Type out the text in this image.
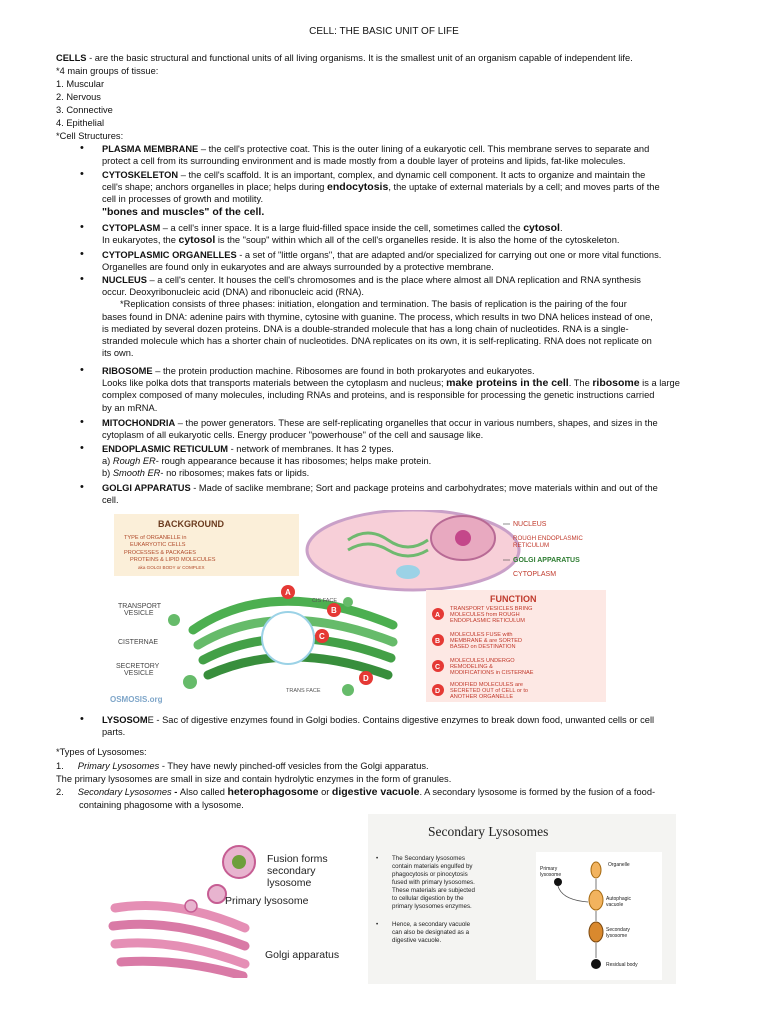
CELL: THE BASIC UNIT OF LIFE
CELLS - are the basic structural and functional units of all living organisms. It is the smallest unit of an organism capable of independent life.
*4 main groups of tissue:
1. Muscular
2. Nervous
3. Connective
4. Epithelial
*Cell Structures:
•	PLASMA MEMBRANE – the cell's protective coat. This is the outer lining of a eukaryotic cell. This membrane serves to separate and
protect a cell from its surrounding environment and is made mostly from a double layer of proteins and lipids, fat-like molecules.
•	CYTOSKELETON – the cell's scaffold. It is an important, complex, and dynamic cell component. It acts to organize and maintain the
cell's shape; anchors organelles in place; helps during endocytosis, the uptake of external materials by a cell; and moves parts of the
cell in processes of growth and motility.
"bones and muscles" of the cell.
•	CYTOPLASM – a cell's inner space. It is a large fluid-filled space inside the cell, sometimes called the cytosol.
In eukaryotes, the cytosol is the "soup" within which all of the cell's organelles reside. It is also the home of the cytoskeleton.
•	CYTOPLASMIC ORGANELLES - a set of "little organs", that are adapted and/or specialized for carrying out one or more vital functions.
Organelles are found only in eukaryotes and are always surrounded by a protective membrane.
•	NUCLEUS – a cell's center. It houses the cell's chromosomes and is the place where almost all DNA replication and RNA synthesis
occur. Deoxyribonucleic acid (DNA) and ribonucleic acid (RNA).
*Replication consists of three phases: initiation, elongation and termination. The basis of replication is the pairing of the four
bases found in DNA: adenine pairs with thymine, cytosine with guanine. The process, which results in two DNA helices instead of one,
is mediated by several dozen proteins. DNA is a double-stranded molecule that has a long chain of nucleotides. RNA is a single-
stranded molecule which has a shorter chain of nucleotides. DNA replicates on its own, it is self-replicating. RNA does not replicate on
its own.
•	RIBOSOME – the protein production machine. Ribosomes are found in both prokaryotes and eukaryotes.
Looks like polka dots that transports materials between the cytoplasm and nucleus; make proteins in the cell. The ribosome is a large
complex composed of many molecules, including RNAs and proteins, and is responsible for processing the genetic instructions carried
by an mRNA.
•	MITOCHONDRIA – the power generators. These are self-replicating organelles that occur in various numbers, shapes, and sizes in the
cytoplasm of all eukaryotic cells. Energy producer "powerhouse" of the cell and sausage like.
•	ENDOPLASMIC RETICULUM - network of membranes. It has 2 types.
a) Rough ER- rough appearance because it has ribosomes; helps make protein.
b) Smooth ER- no ribosomes; makes fats or lipids.
•	GOLGI APPARATUS - Made of saclike membrane; Sort and package proteins and carbohydrates; move materials within and out of the
cell.
BACKGROUND
TYPE of ORGANELLE in
EUKARYOTIC CELLS
PROCESSES & PACKAGES
PROTEINS & LIPID MOLECULES
aka GOLGI BODY or COMPLEX
NUCLEUS
ROUGH ENDOPLASMIC
RETICULUM
GOLGI APPARATUS
CYTOPLASM
A
B
C
D
CIS FACE
TRANS FACE
TRANSPORT
VESICLE
CISTERNAE
SECRETORY
VESICLE
OSMOSIS.org
FUNCTION
A
TRANSPORT VESICLES BRING
MOLECULES from ROUGH
ENDOPLASMIC RETICULUM
B
MOLECULES FUSE with
MEMBRANE & are SORTED
BASED on DESTINATION
C
MOLECULES UNDERGO
REMODELING &
MODIFICATIONS in CISTERNAE
D
MODIFIED MOLECULES are
SECRETED OUT of CELL or to
ANOTHER ORGANELLE
•	LYSOSOME - Sac of digestive enzymes found in Golgi bodies. Contains digestive enzymes to break down food, unwanted cells or cell
parts.
*Types of Lysosomes:
1. Primary Lysosomes - They have newly pinched-off vesicles from the Golgi apparatus.
The primary lysosomes are small in size and contain hydrolytic enzymes in the form of granules.
2. Secondary Lysosomes - Also called heterophagosome or digestive vacuole. A secondary lysosome is formed by the fusion of a food-
containing phagosome with a lysosome.
Fusion forms
secondary
lysosome
Primary lysosome
Golgi apparatus
Secondary Lysosomes
• The Secondary lysosomes
contain materials engulfed by
phagocytosis or pinocytosis
fused with primary lysosomes.
These materials are subjected
to cellular digestion by the
primary lysosomes enzymes.
• Hence, a secondary vacuole
can also be designated as a
digestive vacuole.
Organelle
Primary
lysosome
Autophagic
vacuole
Secondary
lysosome
Residual body
